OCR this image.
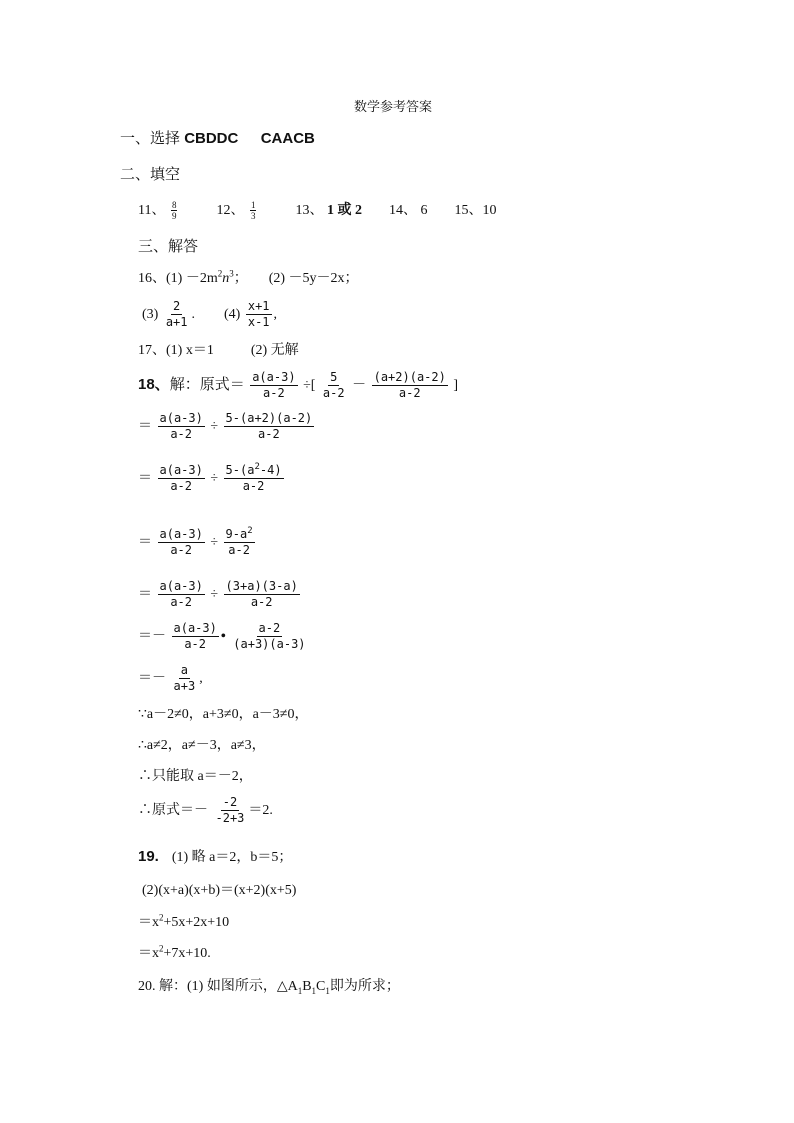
数学参考答案
一、选择 CBDDC CAACB
二、填空
11、 $\frac{8}{9}$	12、 $\frac{1}{3}$	13、 1 或 2 14、 6 15、10
三、解答
16、$(1) -2m^2n^3$； (2) －5y－2x；
$(3) \frac{2}{a+1}$ . $(4) \frac{x+1}{x-1}$ ,
17、(1) x＝1	(2) 无解
18、解：原式＝ $\frac{a(a-3)}{a-2}$ ÷[ $\frac{5}{a-2} - \frac{(a+2)(a-2)}{a-2}$ ]
＝ $\frac{a(a-3)}{a-2} \div \frac{5-(a+2)(a-2)}{a-2}$
＝ $\frac{a(a-3)}{a-2} \div \frac{5-(a^2-4)}{a-2}$
＝ $\frac{a(a-3)}{a-2} \div \frac{9-a^2}{a-2}$
＝ $\frac{a(a-3)}{a-2} \div \frac{(3+a)(3-a)}{a-2}$
＝－ $\frac{a(a-3)}{a-2}$ • $\frac{a-2}{(a+3)(a-3)}$
＝－ $\frac{a}{a+3}$ ,
∵a－2≠0，a+3≠0，a－3≠0，
∴a≠2，a≠－3，a≠3，
∴只能取 a＝－2，
∴原式＝－ $\frac{-2}{-2+3} =2$.
19. (1) 略 a＝2，b＝5；
(2)(x+a)(x+b)＝(x+2)(x+5)
$=x^2+5x+2x+10$
$=x^2+7x+10$.
20. 解：(1) 如图所示，$\triangle A_1B_1C_1$即为所求；
